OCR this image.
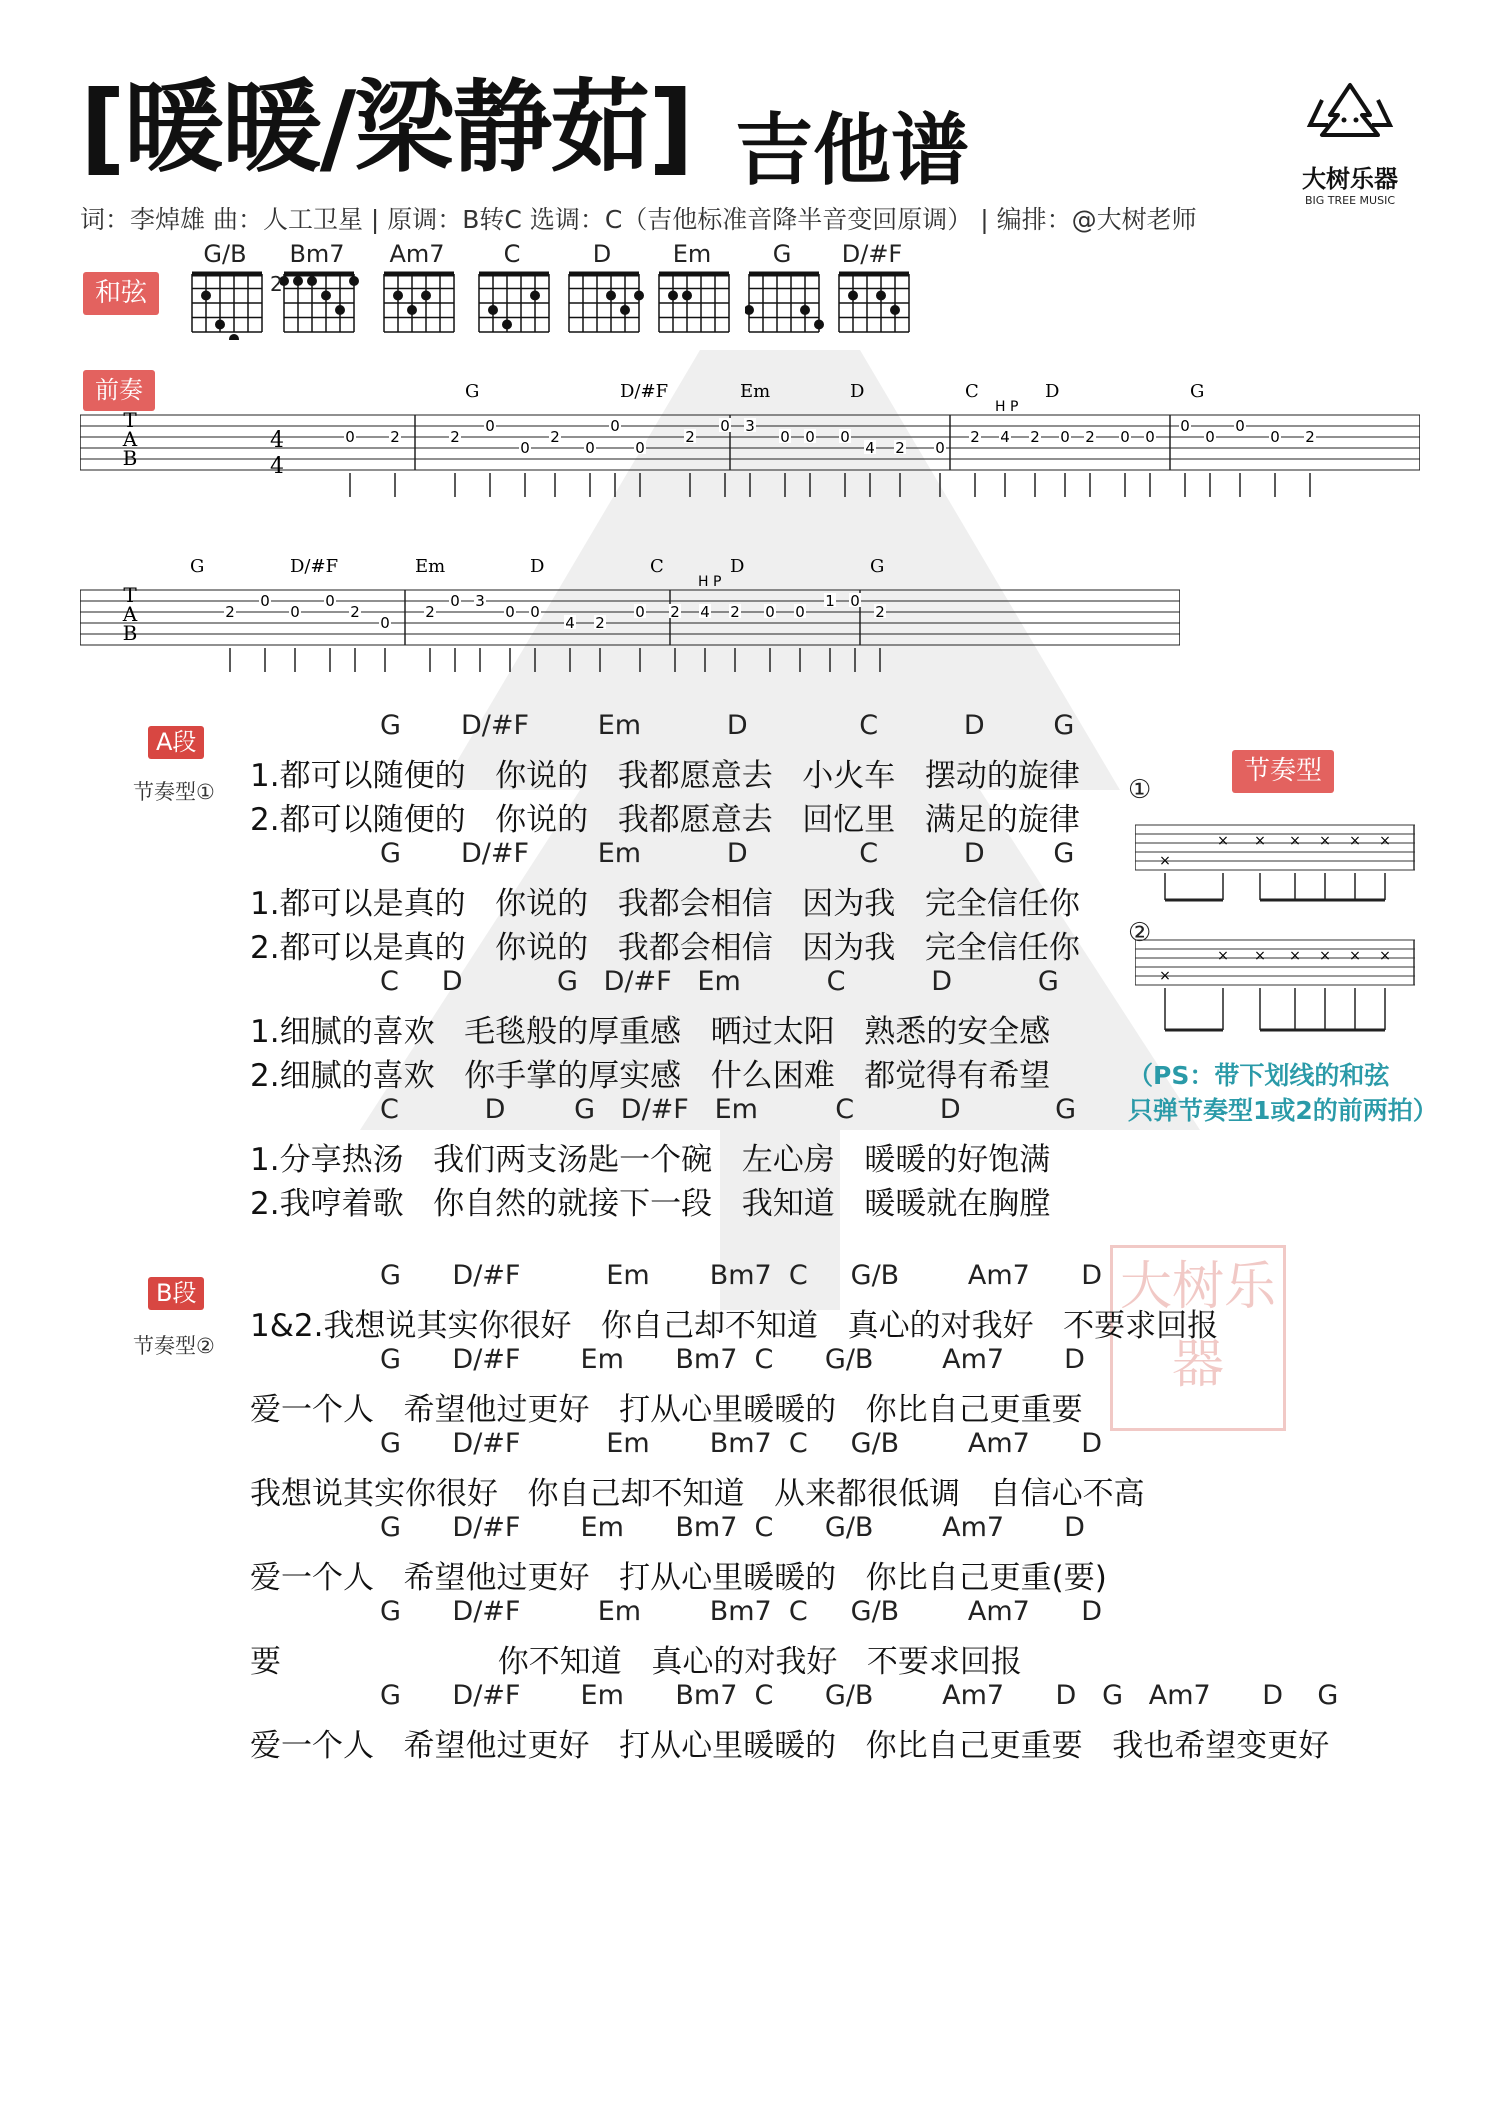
[暖暖/梁静茹] 吉他谱
词：李焯雄 曲：人工卫星 | 原调：B转C 选调：C（吉他标准音降半音变回原调） | 编排：@大树老师
大树乐器
BIG TREE MUSIC
和弦
G/B	Bm7	Am7	C	D	Em	G	D/#F
2
前奏
T
A
B
G	D/#F	Em	D	C	D	G
0 2	2
0
0
2
0
0
0
2
0 3
0 0 0
4 2 0
2 4 2 0 2 0 0
0
0
0
0 2
4
4
H P
T
A
B
G	D/#F	Em	D	C	D	G
2
0
0
0
2
0
2
0 3
0 0
4 2
0 2 4 2 0 0
1 0
2
H P
A段
节奏型①
G       D/#F        Em          D             C          D        G
1.都可以随便的   你说的   我都愿意去   小火车   摆动的旋律
2.都可以随便的   你说的   我都愿意去   回忆里   满足的旋律
G       D/#F        Em          D             C          D        G
1.都可以是真的   你说的   我都会相信   因为我   完全信任你
2.都可以是真的   你说的   我都会相信   因为我   完全信任你
C     D           G   D/#F   Em          C          D          G
1.细腻的喜欢   毛毯般的厚重感   晒过太阳   熟悉的安全感
2.细腻的喜欢   你手掌的厚实感   什么困难   都觉得有希望
C          D        G   D/#F   Em         C          D           G
1.分享热汤   我们两支汤匙一个碗   左心房   暖暖的好饱满
2.我哼着歌   你自然的就接下一段   我知道   暖暖就在胸膛
节奏型
①
②
×
× × × × × ×
×
× × × × × ×
（PS：带下划线的和弦
只弹节奏型1或2的前两拍）
B段
节奏型②
大树乐器
G      D/#F          Em       Bm7  C     G/B        Am7      D
1&2.我想说其实你很好   你自己却不知道   真心的对我好   不要求回报
G      D/#F       Em      Bm7  C      G/B        Am7       D
爱一个人   希望他过更好   打从心里暖暖的   你比自己更重要
G      D/#F          Em       Bm7  C     G/B        Am7      D
我想说其实你很好   你自己却不知道   从来都很低调   自信心不高
G      D/#F       Em      Bm7  C      G/B        Am7       D
爱一个人   希望他过更好   打从心里暖暖的   你比自己更重(要)
G      D/#F         Em        Bm7  C     G/B        Am7      D
要                      你不知道   真心的对我好   不要求回报
G      D/#F       Em      Bm7  C      G/B        Am7      D   G   Am7      D    G
爱一个人   希望他过更好   打从心里暖暖的   你比自己更重要   我也希望变更好
